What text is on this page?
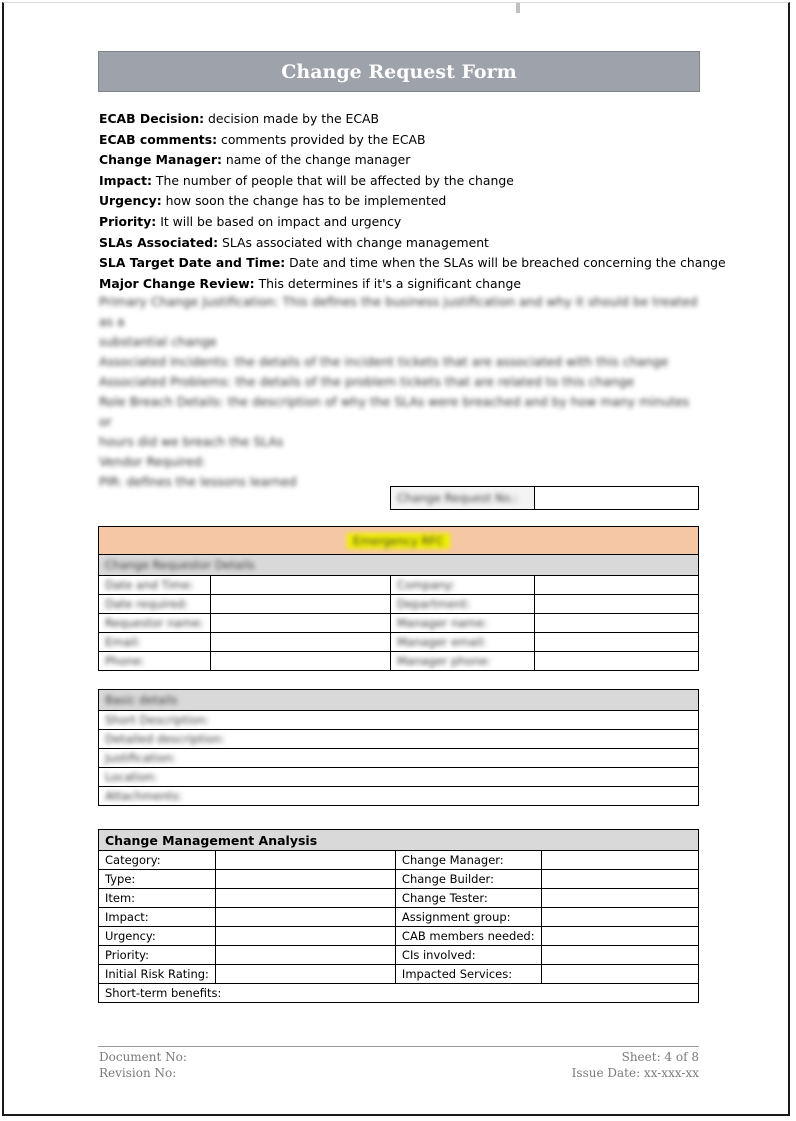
Change Request Form
ECAB Decision: decision made by the ECAB
ECAB comments: comments provided by the ECAB
Change Manager: name of the change manager
Impact: The number of people that will be affected by the change
Urgency: how soon the change has to be implemented
Priority: It will be based on impact and urgency
SLAs Associated: SLAs associated with change management
SLA Target Date and Time: Date and time when the SLAs will be breached concerning the change
Major Change Review: This determines if it's a significant change
Primary Change Justification: This defines the business justification and why it should be treated as a
substantial change
Associated Incidents: the details of the incident tickets that are associated with this change
Associated Problems: the details of the problem tickets that are related to this change
Role Breach Details: the description of why the SLAs were breached and by how many minutes or
hours did we breach the SLAs
Vendor Required:
PIR: defines the lessons learned
Change Request No.:	
Emergency RFC			
Change Requestor Details			
Date and Time:		Company:	
Date required:		Department:	
Requestor name:		Manager name:	
Email:		Manager email:	
Phone:		Manager phone:	
Basic details
Short Description:
Detailed description:
Justification:
Location:
Attachments:
Change Management Analysis			
Category:		Change Manager:	
Type:		Change Builder:	
Item:		Change Tester:	
Impact:		Assignment group:	
Urgency:		CAB members needed:	
Priority:		CIs involved:	
Initial Risk Rating:		Impacted Services:	
Short-term benefits:			
Document No:
Revision No:
Sheet: 4 of 8
Issue Date: xx-xxx-xx
